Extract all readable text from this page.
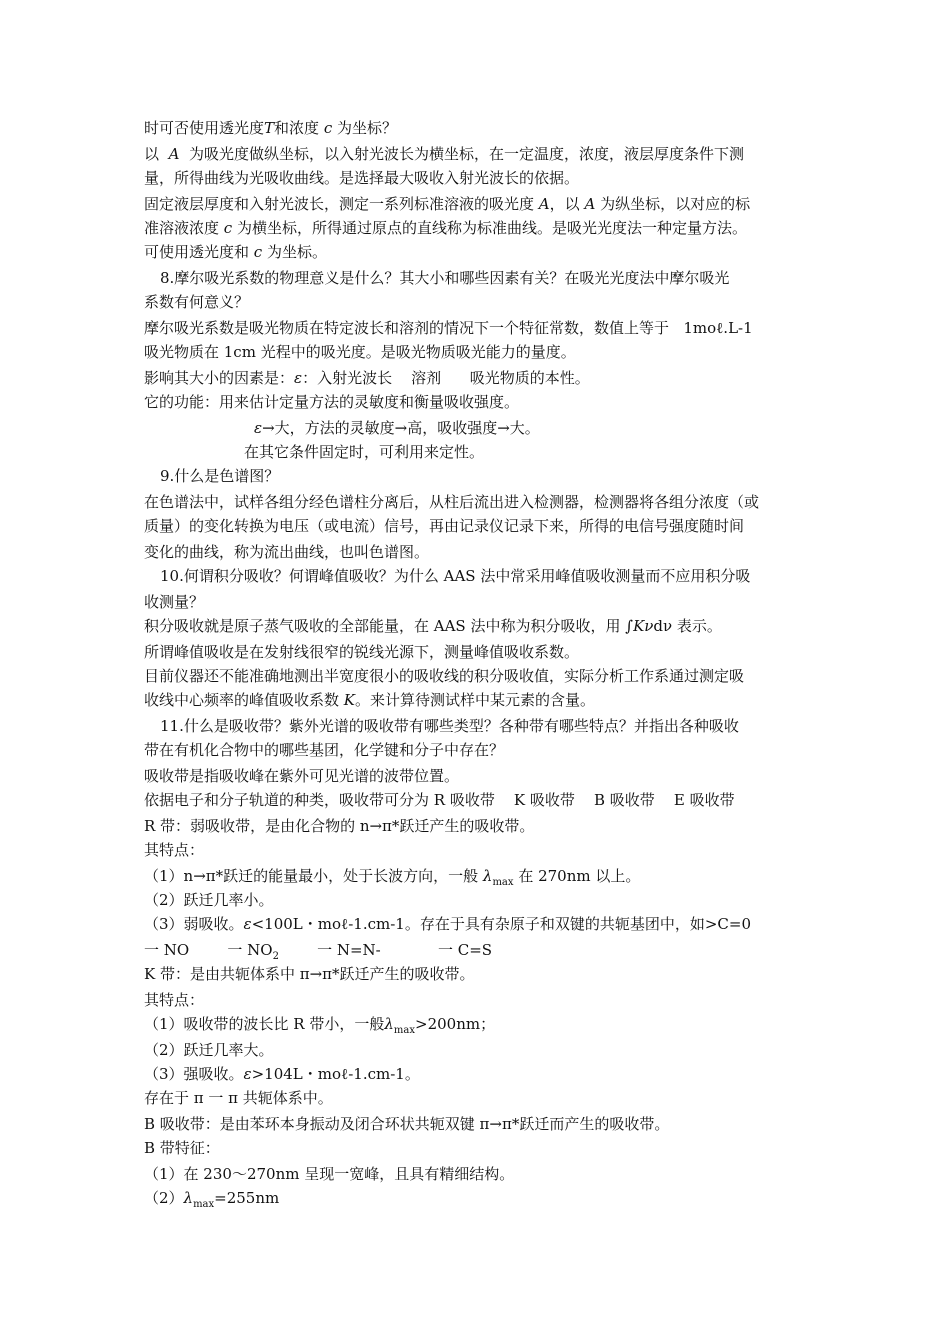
时可否使用透光度T和浓度 c 为坐标？
以 A 为吸光度做纵坐标，以入射光波长为横坐标，在一定温度，浓度，液层厚度条件下测
量，所得曲线为光吸收曲线。是选择最大吸收入射光波长的依据。
固定液层厚度和入射光波长，测定一系列标准溶液的吸光度 A，以 A 为纵坐标，以对应的标
准溶液浓度 c 为横坐标，所得通过原点的直线称为标准曲线。是吸光光度法一种定量方法。
可使用透光度和 c 为坐标。
8.摩尔吸光系数的物理意义是什么？其大小和哪些因素有关？在吸光光度法中摩尔吸光
系数有何意义？
摩尔吸光系数是吸光物质在特定波长和溶剂的情况下一个特征常数，数值上等于 1moℓ.L-1
吸光物质在 1cm 光程中的吸光度。是吸光物质吸光能力的量度。
影响其大小的因素是：ε：入射光波长 溶剂 吸光物质的本性。
它的功能：用来估计定量方法的灵敏度和衡量吸收强度。
ε→大，方法的灵敏度→高，吸收强度→大。
在其它条件固定时，可利用来定性。
9.什么是色谱图？
在色谱法中，试样各组分经色谱柱分离后，从柱后流出进入检测器，检测器将各组分浓度（或
质量）的变化转换为电压（或电流）信号，再由记录仪记录下来，所得的电信号强度随时间
变化的曲线，称为流出曲线，也叫色谱图。
10.何谓积分吸收？何谓峰值吸收？为什么 AAS 法中常采用峰值吸收测量而不应用积分吸
收测量？
积分吸收就是原子蒸气吸收的全部能量，在 AAS 法中称为积分吸收，用 ∫Kνdν 表示。
所谓峰值吸收是在发射线很窄的锐线光源下，测量峰值吸收系数。
目前仪器还不能准确地测出半宽度很小的吸收线的积分吸收值，实际分析工作系通过测定吸
收线中心频率的峰值吸收系数 K。来计算待测试样中某元素的含量。
11.什么是吸收带？紫外光谱的吸收带有哪些类型？各种带有哪些特点？并指出各种吸收
带在有机化合物中的哪些基团，化学键和分子中存在？
吸收带是指吸收峰在紫外可见光谱的波带位置。
依据电子和分子轨道的种类，吸收带可分为 R 吸收带 K 吸收带 B 吸收带 E 吸收带
R 带：弱吸收带，是由化合物的 n→π*跃迁产生的吸收带。
其特点：
（1）n→π*跃迁的能量最小，处于长波方向，一般 $\lambda_{max}$ 在 270nm 以上。
（2）跃迁几率小。
（3）弱吸收。ε<100L・moℓ-1.cm-1。存在于具有杂原子和双键的共轭基团中，如>C=0
一 NO	一 $NO_2$	一 N=N-	一 C=S
K 带：是由共轭体系中 π→π*跃迁产生的吸收带。
其特点：
（1）吸收带的波长比 R 带小，一般$\lambda_{max}>200nm$；
（2）跃迁几率大。
（3）强吸收。ε>104L・moℓ-1.cm-1。
存在于 π 一 π 共轭体系中。
B 吸收带：是由苯环本身振动及闭合环状共轭双键 π→π*跃迁而产生的吸收带。
B 带特征：
（1）在 230～270nm 呈现一宽峰，且具有精细结构。
$(2)\lambda_{max}=255nm$
